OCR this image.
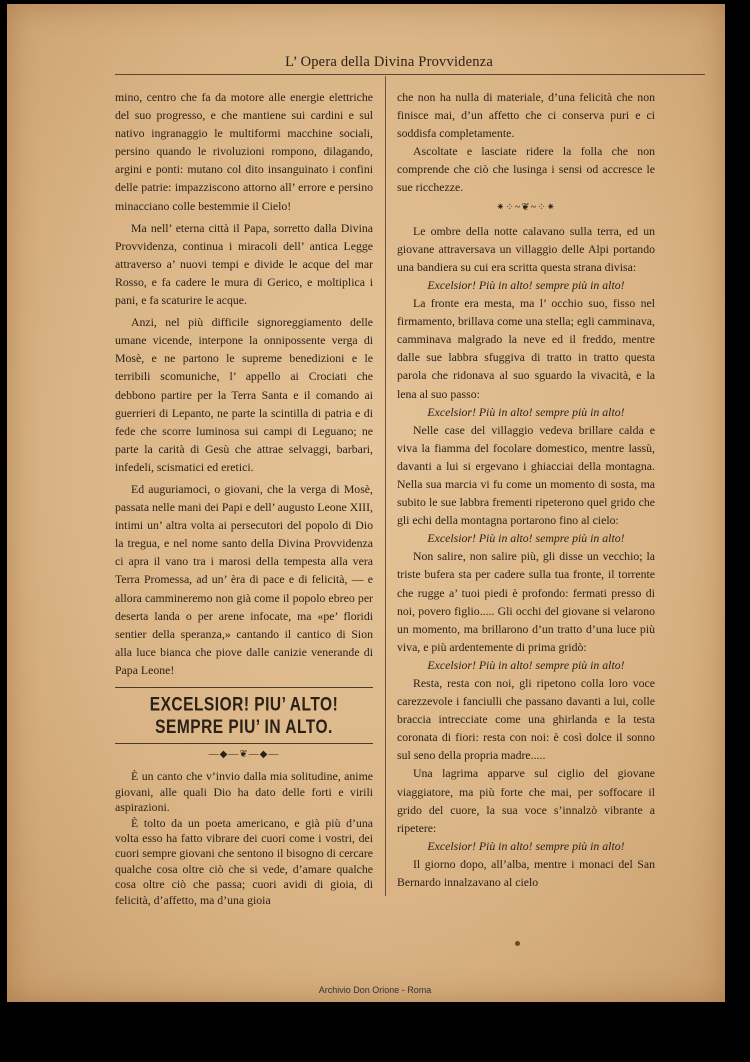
L’ Opera della Divina Provvidenza

mino, centro che fa da motore alle energie elettriche del suo progresso, e che mantiene sui cardini e sul nativo ingranaggio le multiformi macchine sociali, persino quando le rivoluzioni rompono, dilagando, argini e ponti: mutano col dito insanguinato i confini delle patrie: impazziscono attorno all’ errore e persino minacciano colle bestemmie il Cielo!

Ma nell’ eterna città il Papa, sorretto dalla Divina Provvidenza, continua i miracoli dell’ antica Legge attraverso a’ nuovi tempi e divide le acque del mar Rosso, e fa cadere le mura di Gerico, e moltiplica i pani, e fa scaturire le acque.

Anzi, nel più difficile signoreggiamento delle umane vicende, interpone la onnipossente verga di Mosè, e ne partono le supreme benedizioni e le terribili scomuniche, l’ appello ai Crociati che debbono partire per la Terra Santa e il comando ai guerrieri di Lepanto, ne parte la scintilla di patria e di fede che scorre luminosa sui campi di Leguano; ne parte la carità di Gesù che attrae selvaggi, barbari, infedeli, scismatici ed eretici.

Ed auguriamoci, o giovani, che la verga di Mosè, passata nelle mani dei Papi e dell’ augusto Leone XIII, intimi un’ altra volta ai persecutori del popolo di Dio la tregua, e nel nome santo della Divina Provvidenza ci apra il vano tra i marosi della tempesta alla vera Terra Promessa, ad un’ èra di pace e di felicità, — e allora cammineremo non già come il popolo ebreo per deserta landa o per arene infocate, ma «pe’ floridi sentier della speranza,» cantando il cantico di Sion alla luce bianca che piove dalle canizie venerande di Papa Leone!

EXCELSIOR! PIU’ ALTO! SEMPRE PIU’ IN ALTO.
—◆—❦—◆—

È un canto che v’invio dalla mia solitudine, anime giovani, alle quali Dio ha dato delle forti e virili aspirazioni.

È tolto da un poeta americano, e già più d’una volta esso ha fatto vibrare dei cuori come i vostri, dei cuori sempre giovani che sentono il bisogno di cercare qualche cosa oltre ciò che si vede, d’amare qualche cosa oltre ciò che passa; cuori avidi di gioia, di felicità, d’affetto, ma d’una gioia

che non ha nulla di materiale, d’una felicità che non finisce mai, d’un affetto che ci conserva puri e ci soddisfa completamente.

Ascoltate e lasciate ridere la folla che non comprende che ciò che lusinga i sensi od accresce le sue ricchezze.

⁕⁘~❦~⁘⁕

Le ombre della notte calavano sulla terra, ed un giovane attraversava un villaggio delle Alpi portando una bandiera su cui era scritta questa strana divisa:

Excelsior! Più in alto! sempre più in alto!

La fronte era mesta, ma l’ occhio suo, fisso nel firmamento, brillava come una stella; egli camminava, camminava malgrado la neve ed il freddo, mentre dalle sue labbra sfuggiva di tratto in tratto questa parola che ridonava al suo sguardo la vivacità, e la lena al suo passo:

Excelsior! Più in alto! sempre più in alto!

Nelle case del villaggio vedeva brillare calda e viva la fiamma del focolare domestico, mentre lassù, davanti a lui si ergevano i ghiacciai della montagna. Nella sua marcia vi fu come un momento di sosta, ma subito le sue labbra frementi ripeterono quel grido che gli echi della montagna portarono fino al cielo:

Excelsior! Più in alto! sempre più in alto!

Non salire, non salire più, gli disse un vecchio; la triste bufera sta per cadere sulla tua fronte, il torrente che rugge a’ tuoi piedi è profondo: fermati presso di noi, povero figlio..... Gli occhi del giovane si velarono un momento, ma brillarono d’un tratto d’una luce più viva, e più ardentemente di prima gridò:

Excelsior! Più in alto! sempre più in alto!

Resta, resta con noi, gli ripetono colla loro voce carezzevole i fanciulli che passano davanti a lui, colle braccia intrecciate come una ghirlanda e la testa coronata di fiori: resta con noi: è così dolce il sonno sul seno della propria madre.....

Una lagrima apparve sul ciglio del giovane viaggiatore, ma più forte che mai, per soffocare il grido del cuore, la sua voce s’innalzò vibrante a ripetere:

Excelsior! Più in alto! sempre più in alto!

Il giorno dopo, all’alba, mentre i monaci del San Bernardo innalzavano al cielo

Archivio Don Orione - Roma
